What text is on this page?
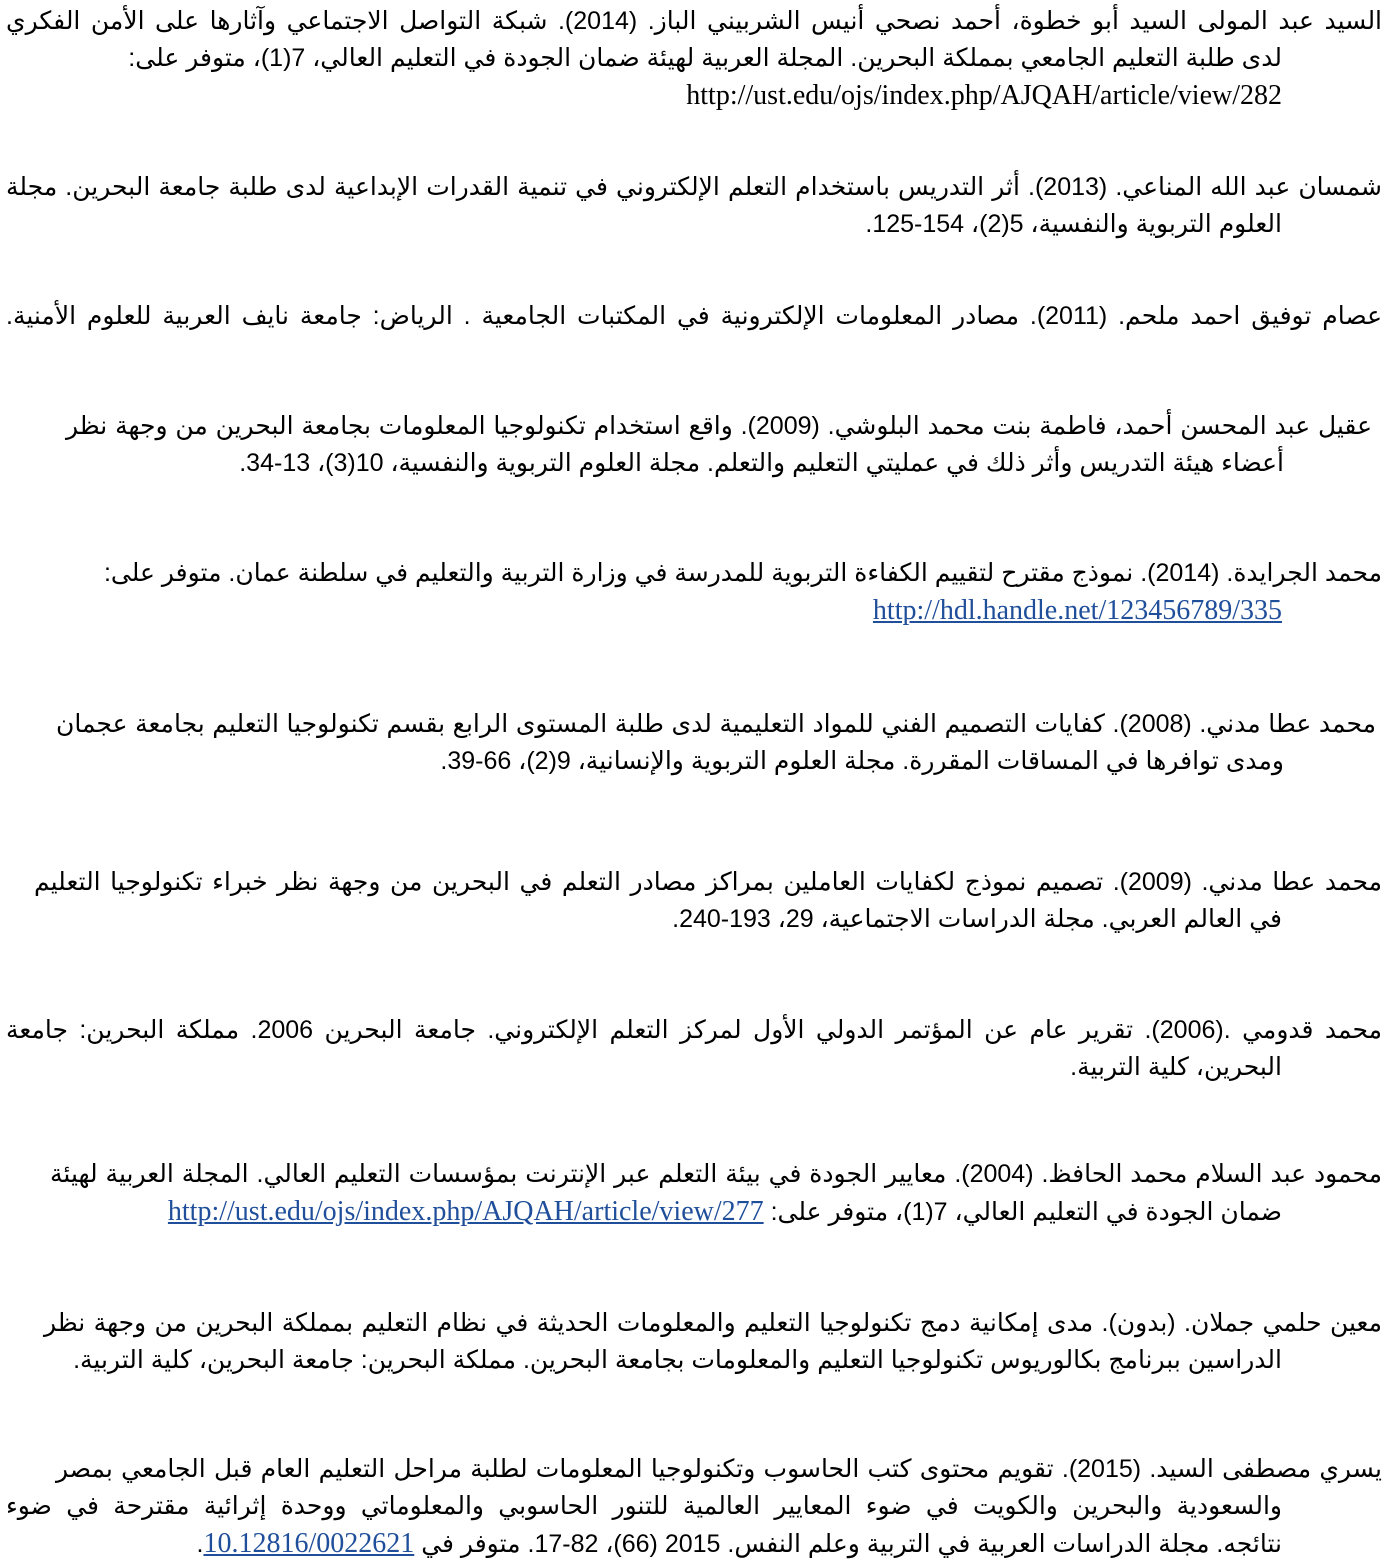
السيد عبد المولى السيد أبو خطوة، أحمد نصحي أنيس الشربيني الباز. (2014). شبكة التواصل الاجتماعي وآثارها على الأمن الفكري
لدى طلبة التعليم الجامعي بمملكة البحرين. المجلة العربية لهيئة ضمان الجودة في التعليم العالي، 7(1)، متوفر على:
http://ust.edu/ojs/index.php/AJQAH/article/view/282
شمسان عبد الله المناعي. (2013). أثر التدريس باستخدام التعلم الإلكتروني في تنمية القدرات الإبداعية لدى طلبة جامعة البحرين. مجلة
العلوم التربوية والنفسية، 5(2)، 154-125.
عصام توفيق احمد ملحم. (2011). مصادر المعلومات الإلكترونية في المكتبات الجامعية . الرياض: جامعة نايف العربية للعلوم الأمنية.
عقيل عبد المحسن أحمد، فاطمة بنت محمد البلوشي. (2009). واقع استخدام تكنولوجيا المعلومات بجامعة البحرين من وجهة نظر
أعضاء هيئة التدريس وأثر ذلك في عمليتي التعليم والتعلم. مجلة العلوم التربوية والنفسية، 10(3)، 13-34.
محمد الجرايدة. (2014). نموذج مقترح لتقييم الكفاءة التربوية للمدرسة في وزارة التربية والتعليم في سلطنة عمان. متوفر على:
http://hdl.handle.net/123456789/335
محمد عطا مدني. (2008). كفايات التصميم الفني للمواد التعليمية لدى طلبة المستوى الرابع بقسم تكنولوجيا التعليم بجامعة عجمان
ومدى توافرها في المساقات المقررة. مجلة العلوم التربوية والإنسانية، 9(2)، 66-39.
محمد عطا مدني. (2009). تصميم نموذج لكفايات العاملين بمراكز مصادر التعلم في البحرين من وجهة نظر خبراء تكنولوجيا التعليم
في العالم العربي. مجلة الدراسات الاجتماعية، 29، 193-240.
محمد قدومي .(2006). تقرير عام عن المؤتمر الدولي الأول لمركز التعلم الإلكتروني. جامعة البحرين 2006. مملكة البحرين: جامعة
البحرين، كلية التربية.
محمود عبد السلام محمد الحافظ. (2004). معايير الجودة في بيئة التعلم عبر الإنترنت بمؤسسات التعليم العالي. المجلة العربية لهيئة
ضمان الجودة في التعليم العالي، 7(1)، متوفر على: http://ust.edu/ojs/index.php/AJQAH/article/view/277
معين حلمي جملان. (بدون). مدى إمكانية دمج تكنولوجيا التعليم والمعلومات الحديثة في نظام التعليم بمملكة البحرين من وجهة نظر
الدراسين ببرنامج بكالوريوس تكنولوجيا التعليم والمعلومات بجامعة البحرين. مملكة البحرين: جامعة البحرين، كلية التربية.
يسري مصطفى السيد. (2015). تقويم محتوى كتب الحاسوب وتكنولوجيا المعلومات لطلبة مراحل التعليم العام قبل الجامعي بمصر
والسعودية والبحرين والكويت في ضوء المعايير العالمية للتنور الحاسوبي والمعلوماتي ووحدة إثرائية مقترحة في ضوء
نتائجه. مجلة الدراسات العربية في التربية وعلم النفس. 2015 (66)، 82-17. متوفر في 10.12816/0022621.
